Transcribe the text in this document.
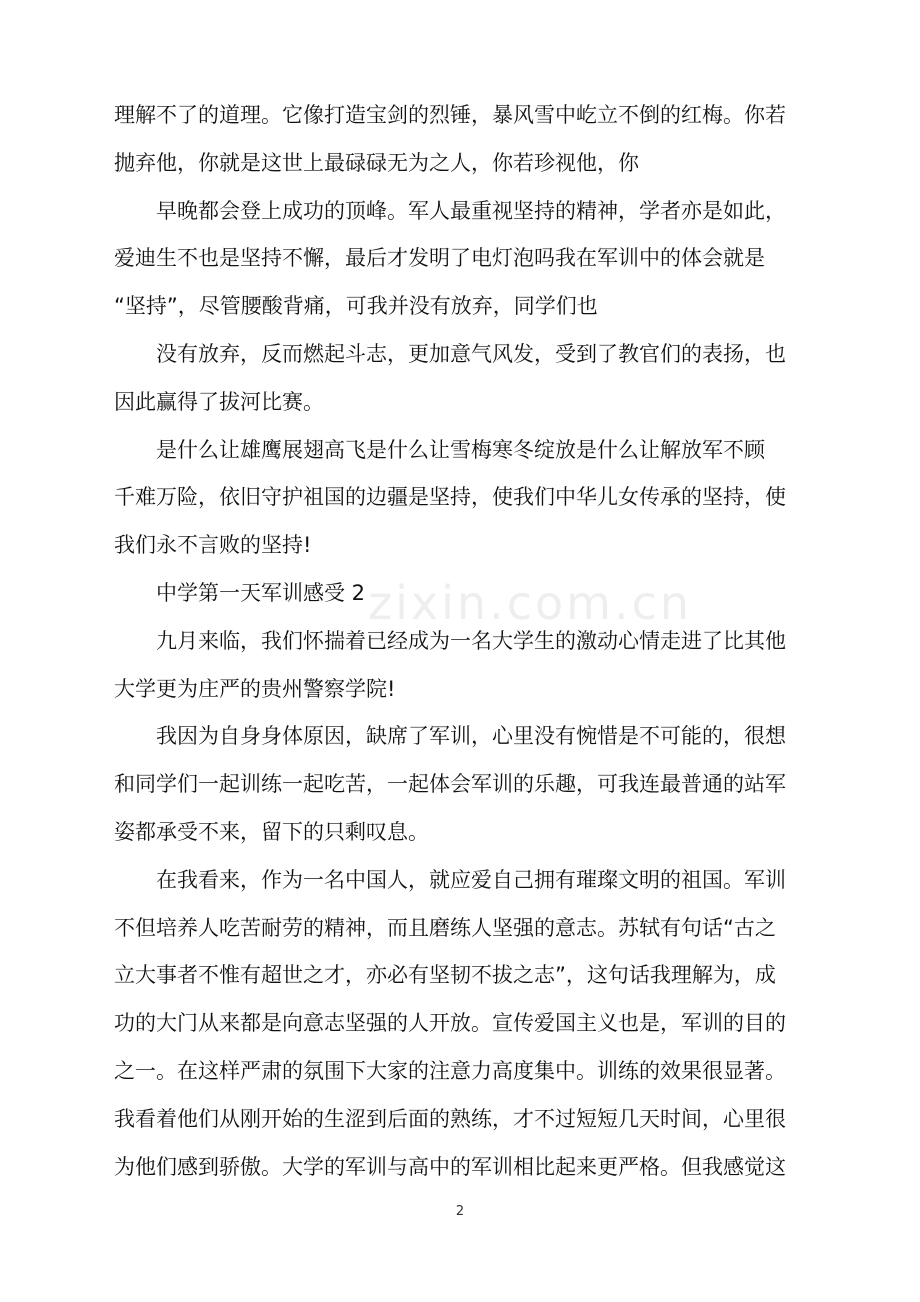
理解不了的道理。它像打造宝剑的烈锤，暴风雪中屹立不倒的红梅。你若
抛弃他，你就是这世上最碌碌无为之人，你若珍视他，你
早晚都会登上成功的顶峰。军人最重视坚持的精神，学者亦是如此，
爱迪生不也是坚持不懈，最后才发明了电灯泡吗我在军训中的体会就是
“坚持”，尽管腰酸背痛，可我并没有放弃，同学们也
没有放弃，反而燃起斗志，更加意气风发，受到了教官们的表扬，也
因此赢得了拔河比赛。
是什么让雄鹰展翅高飞是什么让雪梅寒冬绽放是什么让解放军不顾
千难万险，依旧守护祖国的边疆是坚持，使我们中华儿女传承的坚持，使
我们永不言败的坚持!
中学第一天军训感受 2
九月来临，我们怀揣着已经成为一名大学生的激动心情走进了比其他
大学更为庄严的贵州警察学院!
我因为自身身体原因，缺席了军训，心里没有惋惜是不可能的，很想
和同学们一起训练一起吃苦，一起体会军训的乐趣，可我连最普通的站军
姿都承受不来，留下的只剩叹息。
在我看来，作为一名中国人，就应爱自己拥有璀璨文明的祖国。军训
不但培养人吃苦耐劳的精神，而且磨练人坚强的意志。苏轼有句话“古之
立大事者不惟有超世之才，亦必有坚韧不拔之志”，这句话我理解为，成
功的大门从来都是向意志坚强的人开放。宣传爱国主义也是，军训的目的
之一。在这样严肃的氛围下大家的注意力高度集中。训练的效果很显著。
我看着他们从刚开始的生涩到后面的熟练，才不过短短几天时间，心里很
为他们感到骄傲。大学的军训与高中的军训相比起来更严格。但我感觉这
zixin.com.cn
2
